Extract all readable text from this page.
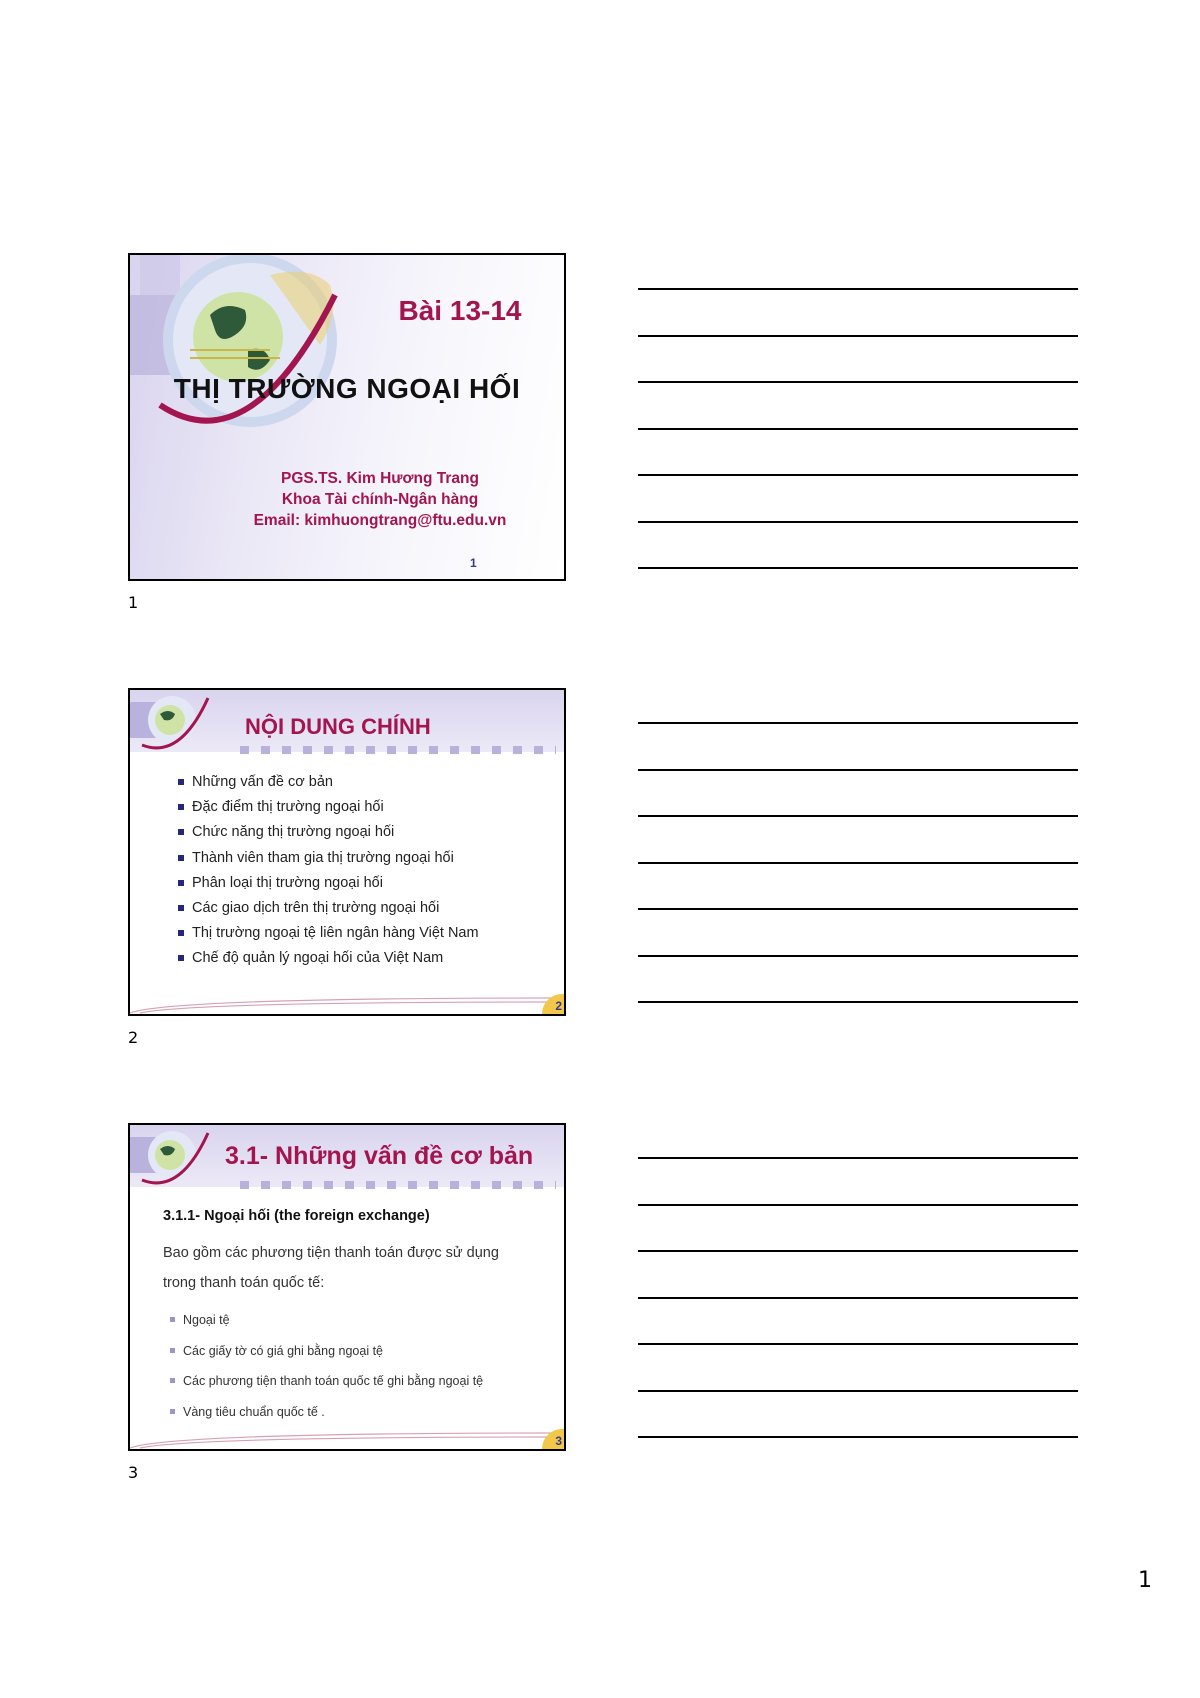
Bài 13-14
THỊ TRƯỜNG NGOẠI HỐI
PGS.TS. Kim Hương Trang
Khoa Tài chính-Ngân hàng
Email: kimhuongtrang@ftu.edu.vn
1
1
NỘI DUNG CHÍNH
Những vấn đề cơ bản
Đặc điểm thị trường ngoại hối
Chức năng thị trường ngoại hối
Thành viên tham gia thị trường ngoại hối
Phân loại thị trường ngoại hối
Các giao dịch trên thị trường ngoại hối
Thị trường ngoại tệ liên ngân hàng Việt Nam
Chế độ quản lý ngoại hối của Việt Nam
2
2
3.1- Những vấn đề cơ bản
3.1.1- Ngoại hối (the foreign exchange)
Bao gồm các phương tiện thanh toán được sử dụng trong thanh toán quốc tế:
Ngoại tệ
Các giấy tờ có giá ghi bằng ngoại tệ
Các phương tiện thanh toán quốc tế ghi bằng ngoại tệ
Vàng tiêu chuẩn quốc tế .
3
3
1
